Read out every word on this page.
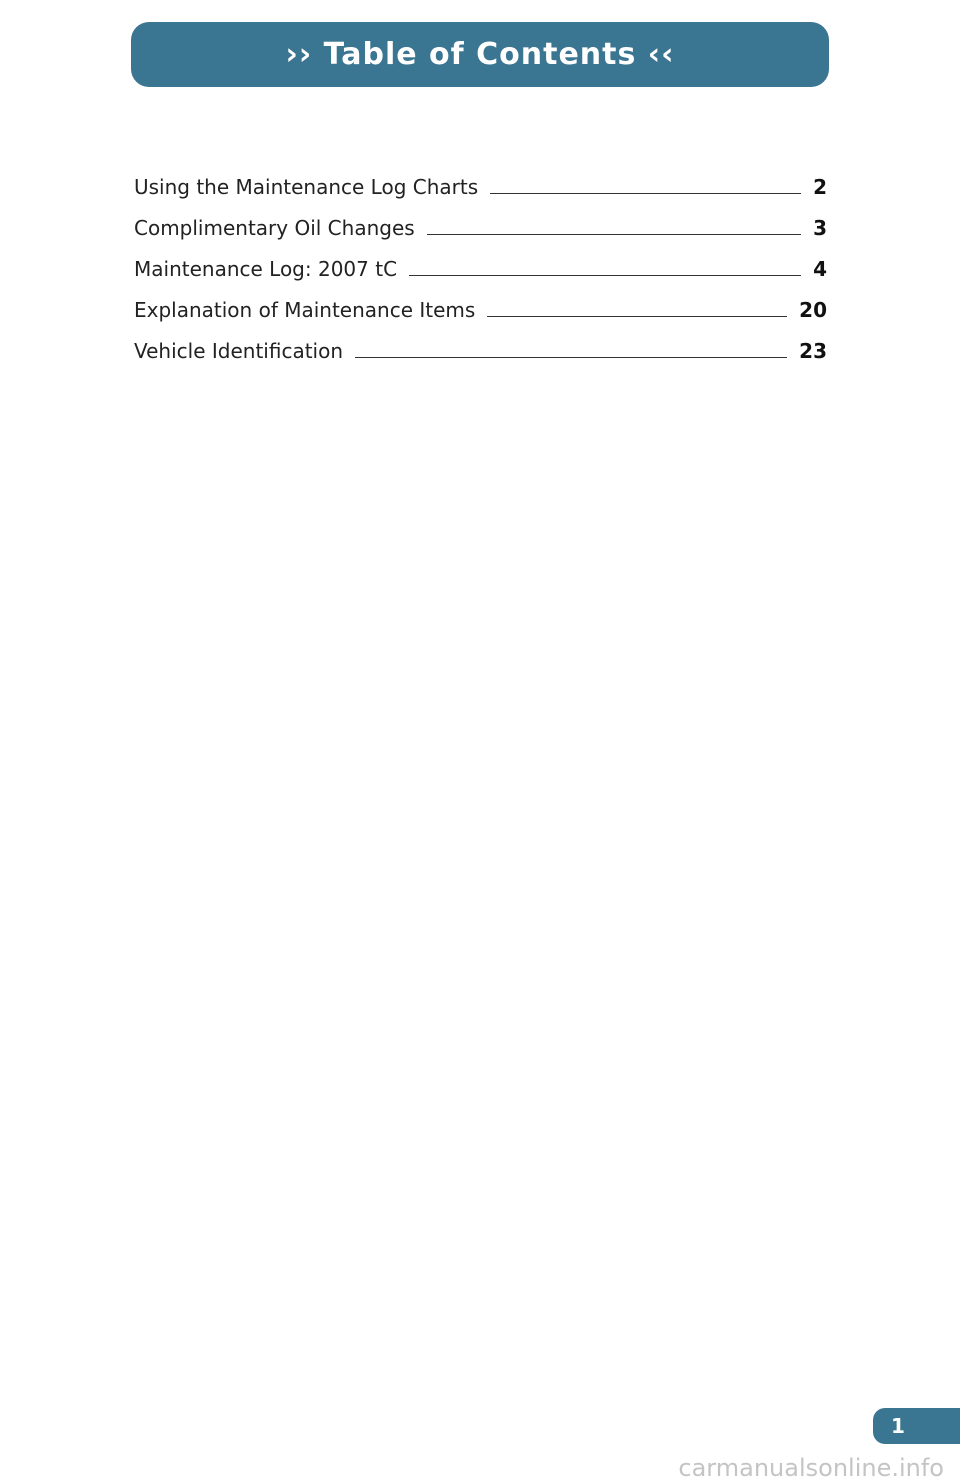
›› Table of Contents ‹‹
Using the Maintenance Log Charts	2
Complimentary Oil Changes	3
Maintenance Log: 2007 tC	4
Explanation of Maintenance Items	20
Vehicle Identification	23
1
carmanualsonline.info
